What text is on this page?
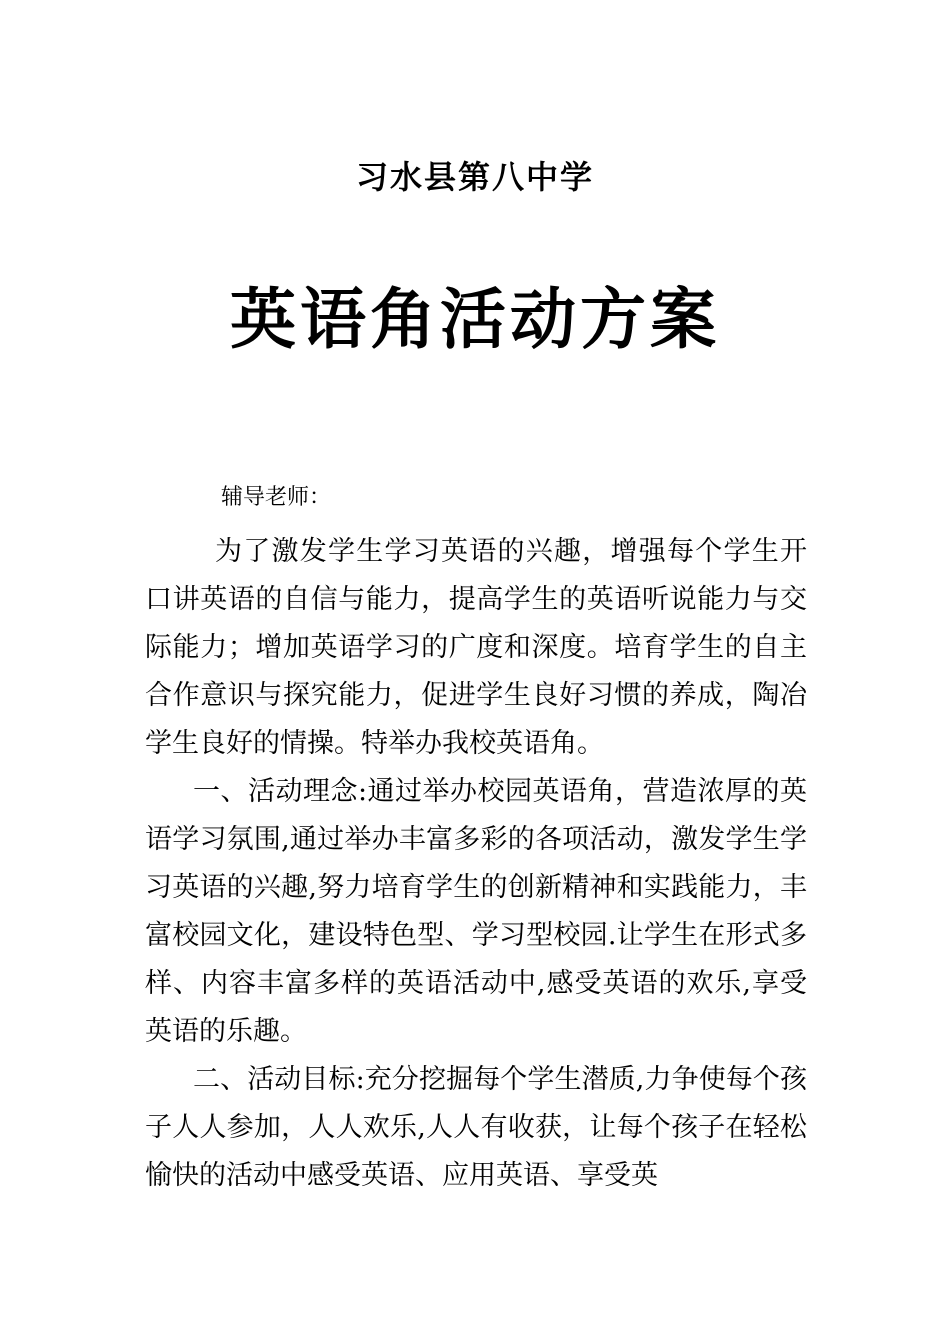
习水县第八中学
英语角活动方案
辅导老师：

为了激发学生学习英语的兴趣，增强每个学生开口讲英语的自信与能力，提高学生的英语听说能力与交际能力；增加英语学习的广度和深度。培育学生的自主合作意识与探究能力，促进学生良好习惯的养成，陶冶学生良好的情操。特举办我校英语角。

一、活动理念:通过举办校园英语角，营造浓厚的英语学习氛围,通过举办丰富多彩的各项活动，激发学生学习英语的兴趣,努力培育学生的创新精神和实践能力，丰富校园文化，建设特色型、学习型校园.让学生在形式多样、内容丰富多样的英语活动中,感受英语的欢乐,享受英语的乐趣。

二、活动目标:充分挖掘每个学生潜质,力争使每个孩子人人参加，人人欢乐,人人有收获，让每个孩子在轻松愉快的活动中感受英语、应用英语、享受英
